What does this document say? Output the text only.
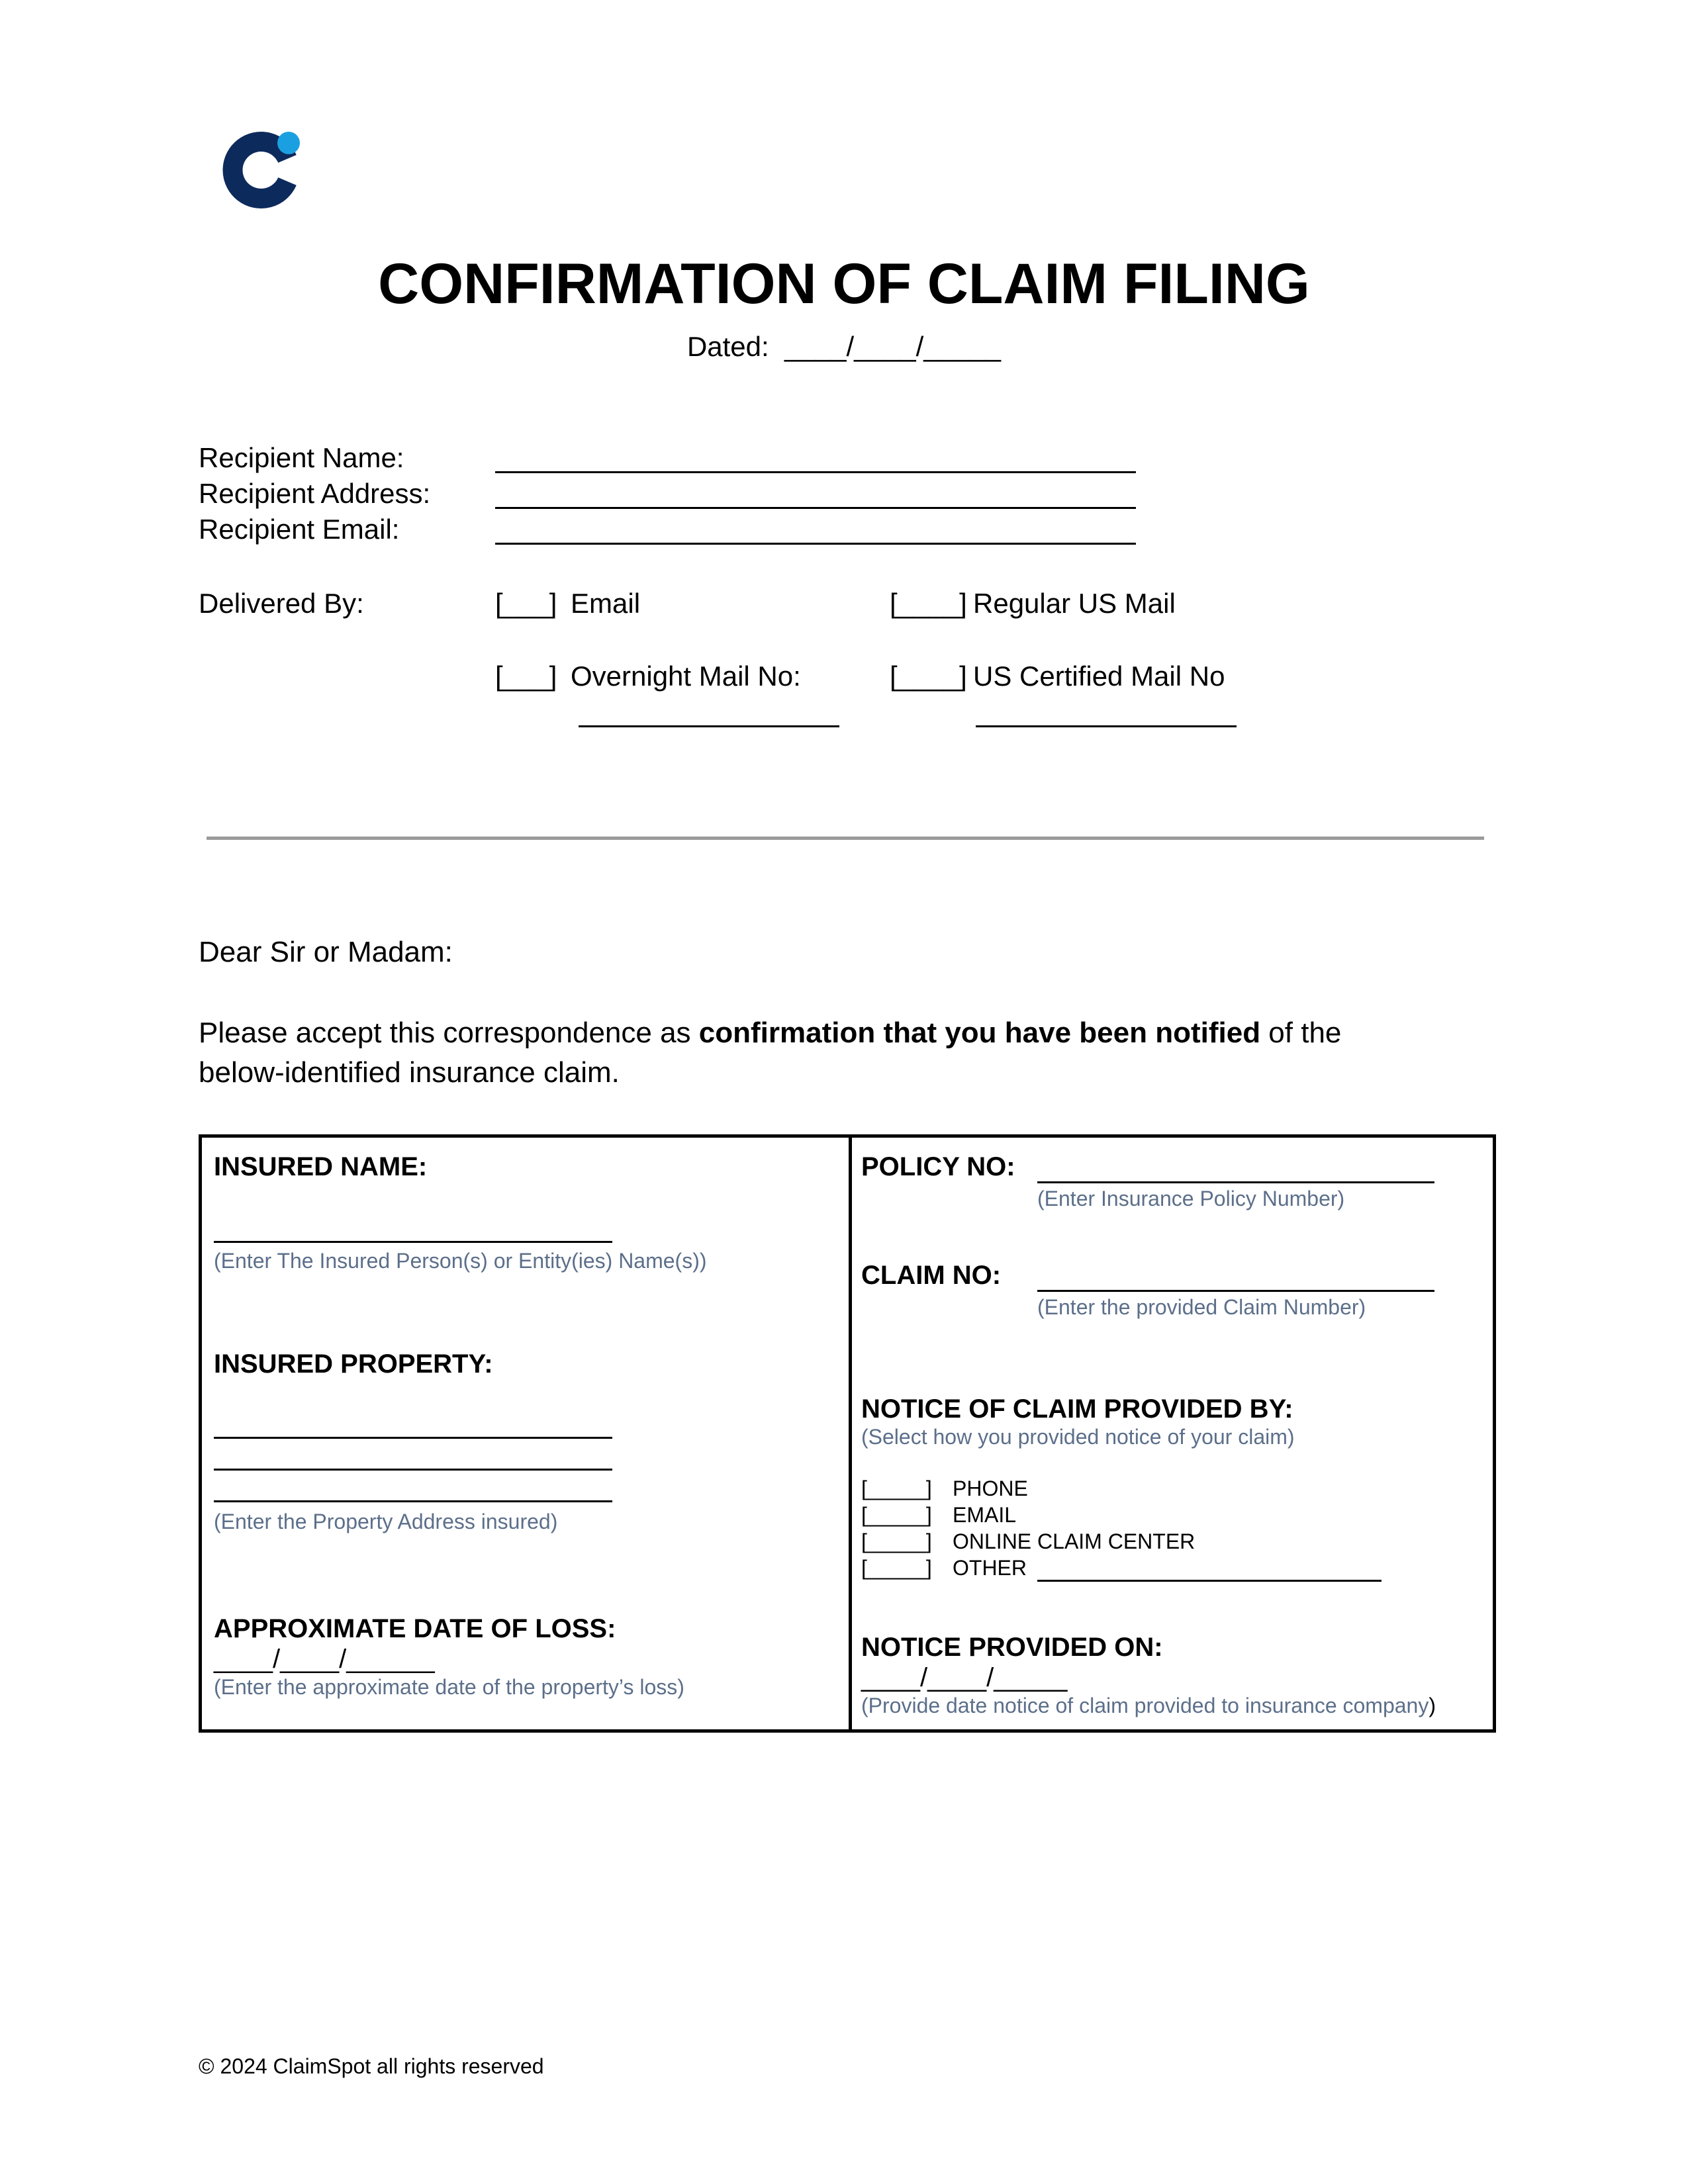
CONFIRMATION OF CLAIM FILING
Dated: ____/____/_____
Recipient Name:
Recipient Address:
Recipient Email:
Delivered By:	[___] Email	[____] Regular US Mail
[___] Overnight Mail No:	[____] US Certified Mail No
Dear Sir or Madam:
Please accept this correspondence as confirmation that you have been notified of the
below-identified insurance claim.
INSURED NAME:
(Enter The Insured Person(s) or Entity(ies) Name(s))
INSURED PROPERTY:
(Enter the Property Address insured)
APPROXIMATE DATE OF LOSS:
____/____/______
(Enter the approximate date of the property’s loss)
POLICY NO:
(Enter Insurance Policy Number)
CLAIM NO:
(Enter the provided Claim Number)
NOTICE OF CLAIM PROVIDED BY:
(Select how you provided notice of your claim)
[_____] PHONE
[_____] EMAIL
[_____] ONLINE CLAIM CENTER
[_____] OTHER
NOTICE PROVIDED ON:
____/____/_____
(Provide date notice of claim provided to insurance company)
© 2024 ClaimSpot all rights reserved
